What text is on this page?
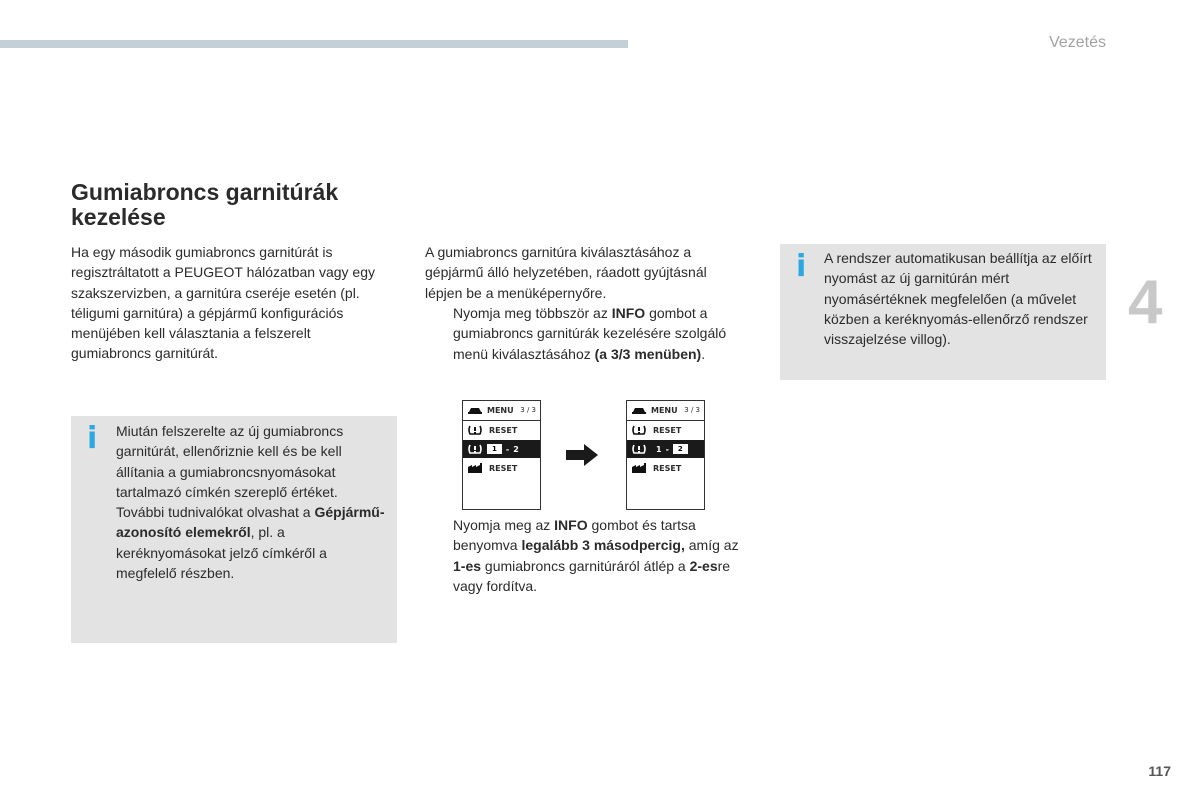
Vezetés
4
Gumiabroncs garnitúrák kezelése

Ha egy második gumiabroncs garnitúrát is regisztráltatott a PEUGEOT hálózatban vagy egy szakszervizben, a garnitúra cseréje esetén (pl. téligumi garnitúra) a gépjármű konfigurációs menüjében kell választania a felszerelt gumiabroncs garnitúrát.

i Miután felszerelte az új gumiabroncs garnitúrát, ellenőriznie kell és be kell állítania a gumiabroncsnyomásokat tartalmazó címkén szereplő értéket. További tudnivalókat olvashat a Gépjármű-azonosító elemekről, pl. a keréknyomásokat jelző címkéről a megfelelő részben.

A gumiabroncs garnitúra kiválasztásához a gépjármű álló helyzetében, ráadott gyújtásnál lépjen be a menüképernyőre.

Nyomja meg többször az INFO gombot a gumiabroncs garnitúrák kezelésére szolgáló menü kiválasztásához (a 3/3 menüben).
MENU 3 / 3
RESET
1	- 2
RESET
MENU 3 / 3
RESET
1 -	2
RESET
Nyomja meg az INFO gombot és tartsa benyomva legalább 3 másodpercig, amíg az 1-es gumiabroncs garnitúráról átlép a 2-esre vagy fordítva.
i A rendszer automatikusan beállítja az előírt nyomást az új garnitúrán mért nyomásértéknek megfelelően (a művelet közben a keréknyomás-ellenőrző rendszer visszajelzése villog).
117
